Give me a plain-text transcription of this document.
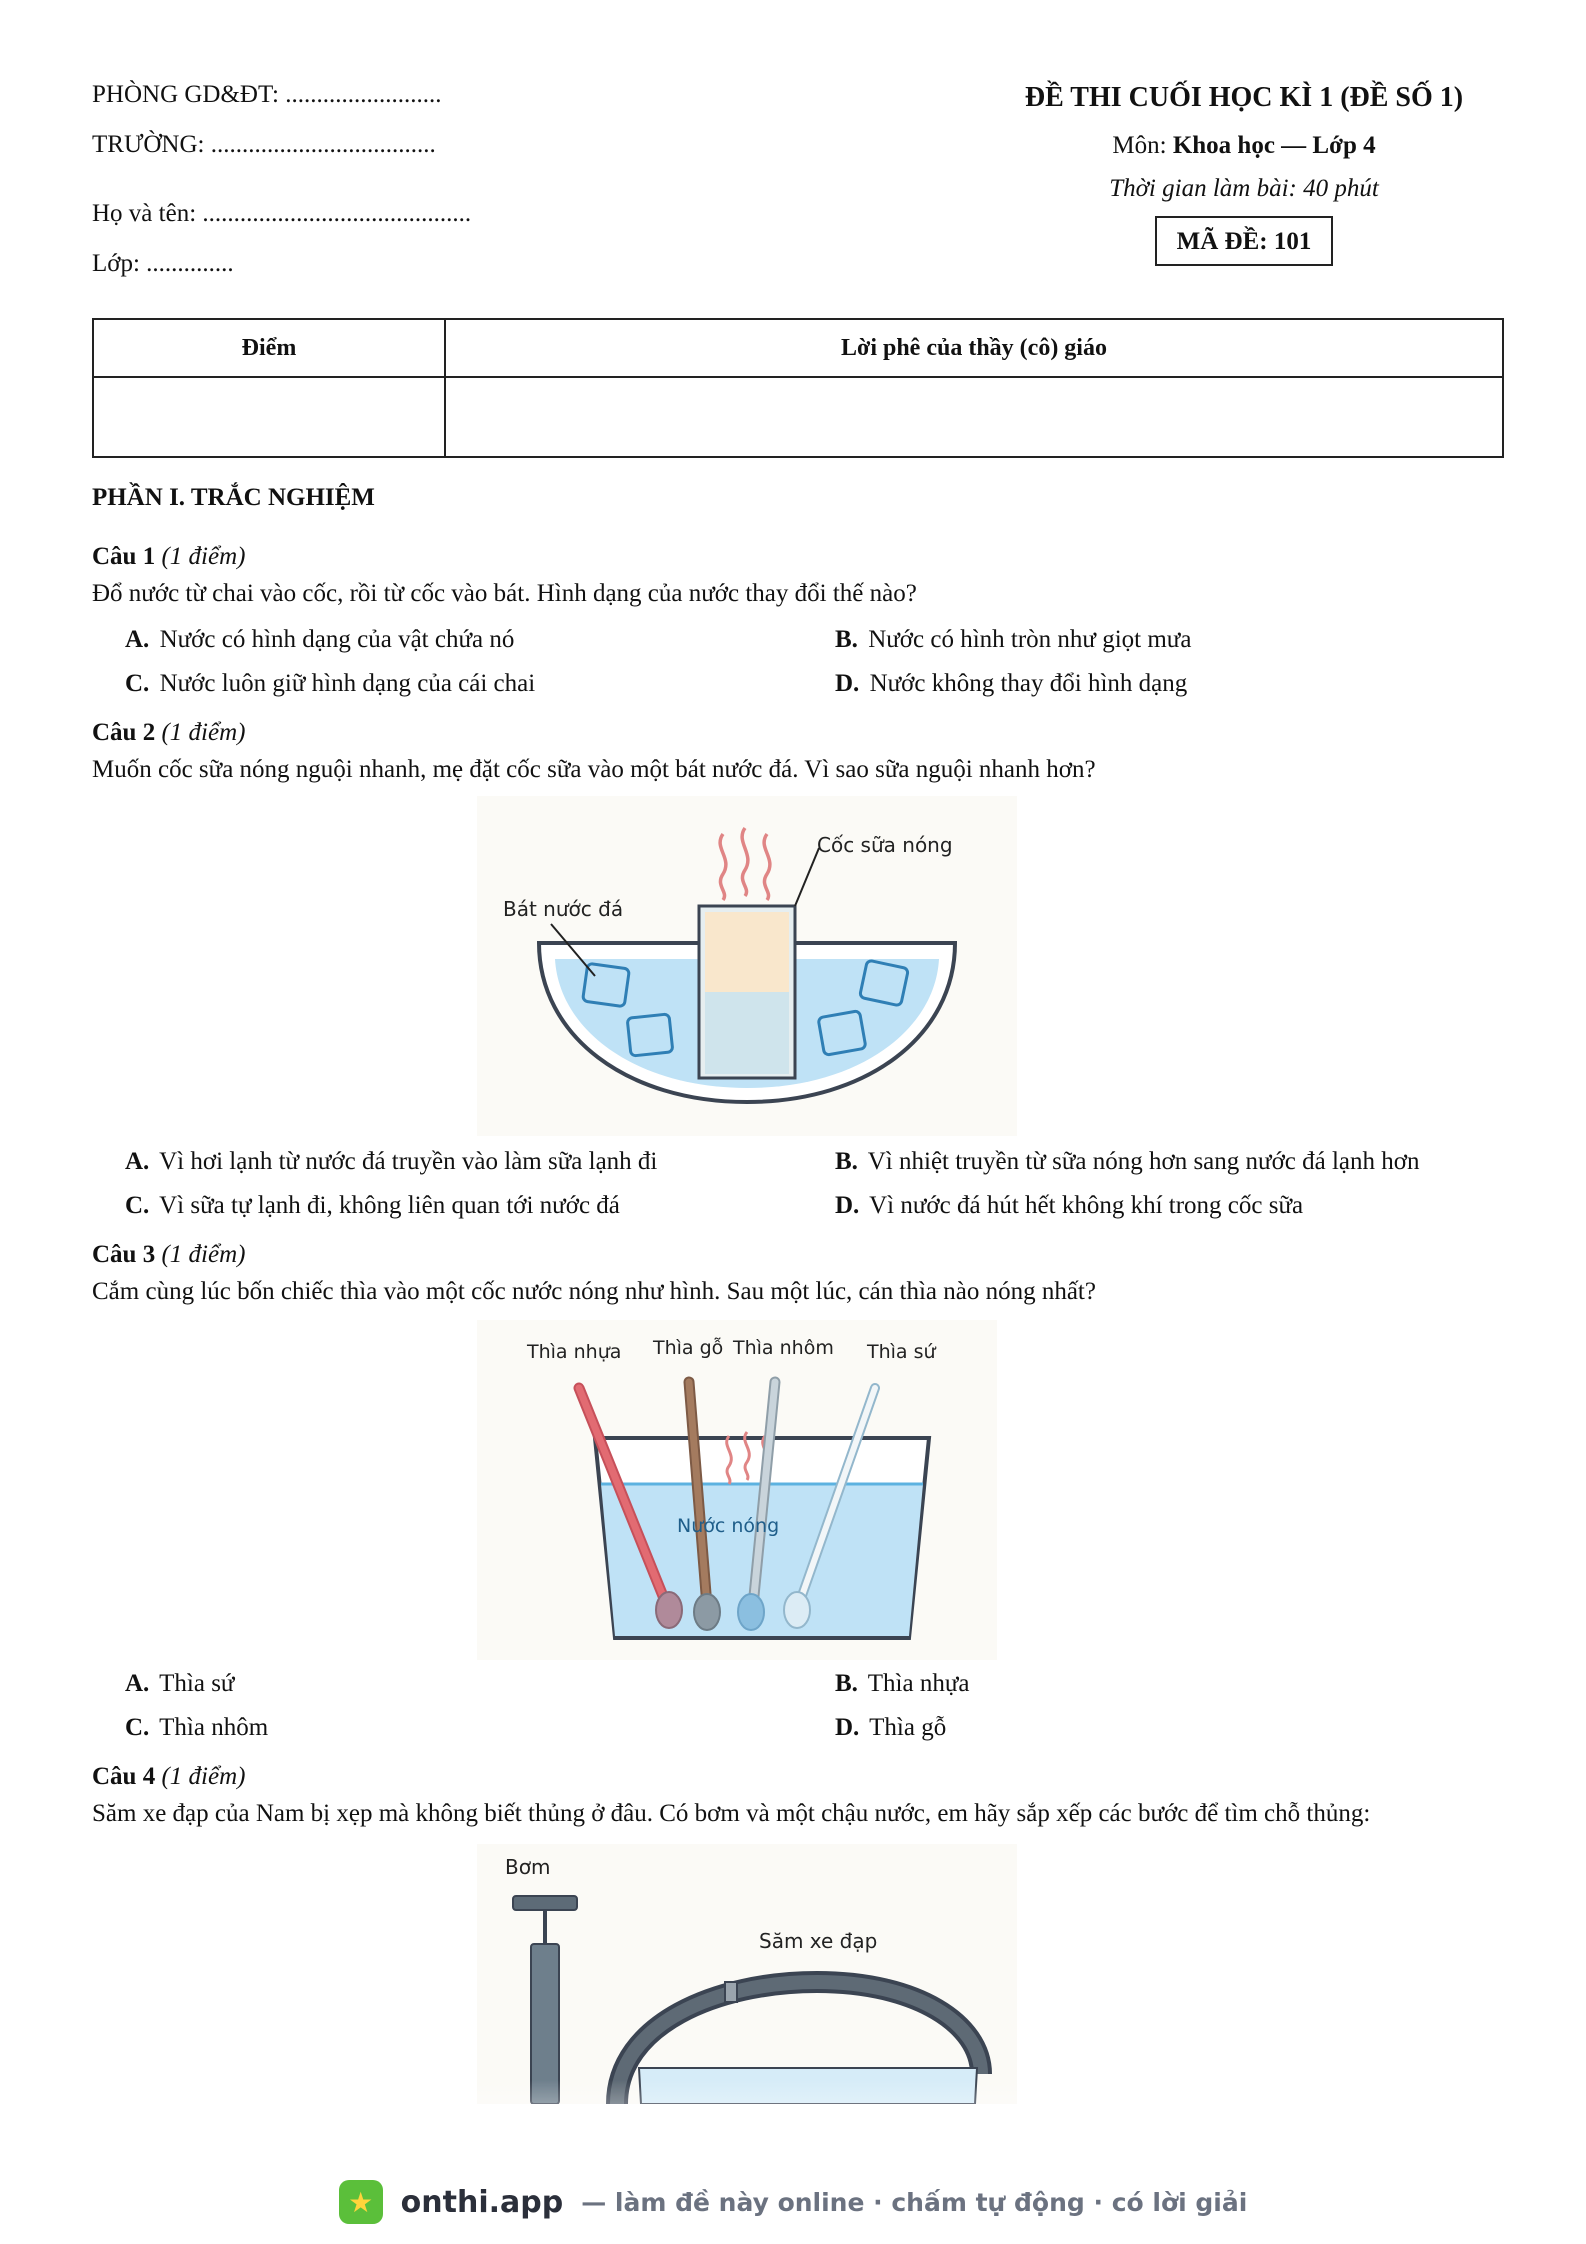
PHÒNG GD&ĐT: .........................
TRƯỜNG: ....................................
Họ và tên: ...........................................
Lớp: ..............
ĐỀ THI CUỐI HỌC KÌ 1 (ĐỀ SỐ 1)
Môn: Khoa học — Lớp 4
Thời gian làm bài: 40 phút
MÃ ĐỀ: 101
Điểm	Lời phê của thầy (cô) giáo

PHẦN I. TRẮC NGHIỆM
Câu 1 (1 điểm)
Đổ nước từ chai vào cốc, rồi từ cốc vào bát. Hình dạng của nước thay đổi thế nào?
A. Nước có hình dạng của vật chứa nó	B. Nước có hình tròn như giọt mưa
C. Nước luôn giữ hình dạng của cái chai	D. Nước không thay đổi hình dạng
Câu 2 (1 điểm)
Muốn cốc sữa nóng nguội nhanh, mẹ đặt cốc sữa vào một bát nước đá. Vì sao sữa nguội nhanh hơn?
Cốc sữa nóng
Bát nước đá
A. Vì hơi lạnh từ nước đá truyền vào làm sữa lạnh đi	B. Vì nhiệt truyền từ sữa nóng hơn sang nước đá lạnh hơn
C. Vì sữa tự lạnh đi, không liên quan tới nước đá	D. Vì nước đá hút hết không khí trong cốc sữa
Câu 3 (1 điểm)
Cắm cùng lúc bốn chiếc thìa vào một cốc nước nóng như hình. Sau một lúc, cán thìa nào nóng nhất?
Thìa nhựa Thìa gỗ Thìa nhôm Thìa sứ
Nước nóng
A. Thìa sứ	B. Thìa nhựa
C. Thìa nhôm	D. Thìa gỗ
Câu 4 (1 điểm)
Săm xe đạp của Nam bị xẹp mà không biết thủng ở đâu. Có bơm và một chậu nước, em hãy sắp xếp các bước để tìm chỗ thủng:
Bơm
Săm xe đạp
★ onthi.app — làm đề này online · chấm tự động · có lời giải
